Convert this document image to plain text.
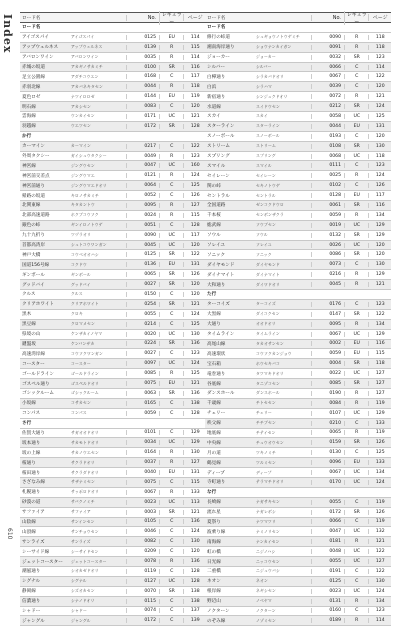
Index
610
ロード名	No.	レギュラー
ページ
ロード名
アイゴスパイ	アイゴスパイ	0125	EU	114
アップウェルネス	アップウェルネス	0139	R	115
アバロンワイン	アバロンワイン	0035	R	114
赤城の坂道	アカギノサカミチ	0100	SR	116
足立公園線	アダチコウエン	0168	C	117
赤羽北線	アカバネキタセン	0044	R	118
夏色ロゼ	ナツイロロゼ	0144	EU	119
明石線	アカシセン	0083	C	120
雲海線	ウンカイセン	0171	UC	121
羽越線	ウエツセン	0172	SR	128
か行
カーマイン	カーマイン	0217	C	122
外周タクシー	ガイシュウタクシー	0049	R	123
神宮線	ジングウセン	0047	UC	160
神宮前交差点	ジングウマエ	0121	R	124
神宮前通り	ジングウマエドオリ	0064	C	125
帰路の坂道	キロノサカミチ	0052	C	126
北関東線	キタカントウ	0095	R	127
北部高速道路	ホクブコウソク	0024	R	115
銀色の峠	ギンイロノトウゲ	0051	C	128
九十九折り	ツヅラオリ	0090	UC	117
首都高湾岸	シュトコウワンガン	0045	UC	120
神戸大橋	コウベオオハシ	0125	SR	122
国道156号線	コクドウ	0136	EU	131
ギンボール	ギンボール	0065	SR	126
グッドバイ	グッドバイ	0027	SR	120
クルス	クルス	0150	C	120
クリアホワイト	クリアホワイト	0254	SR	121
黒木	クロキ	0055	C	124
黒豆線	クロマメセン	0214	C	125
県境の山	ケンザカイノヤマ	0020	UC	130
鍵盤坂	ケンバンザカ	0224	SR	136
高速湾岸線	コウソクワンガン	0027	C	123
コースター	コースター	0097	UC	124
ゴールドライン	ゴールドライン	0085	R	125
ゴスペル通り	ゴスペルドオリ	0075	EU	121
ゴシックルーム	ゴシックルーム	0063	SR	136
小坂線	コサカセン	0165	C	138
コンパス	コンパス	0059	C	128
さ行
佐賀大通り	サガオオドオリ	0101	C	129
坂本通り	サカモトドオリ	0034	UC	129
坂の上線	サカノウエセン	0164	R	130
桜通り	サクラドオリ	0037	R	127
桜田通り	サクラダドオリ	0040	EU	131
さざなみ線	サザナミセン	0075	C	115
札幌通り	サッポロドオリ	0067	R	133
砂漠の道	サバクノミチ	0023	UC	113
サファイア	サファイア	0003	SR	121
山陰線	サンインセン	0105	C	136
山頂線	サンチョウセン	0046	C	124
サンライズ	サンライズ	0082	C	130
シーサイド線	シーサイドセン	0209	C	120
ジェットコースター	ジェットコースター	0078	R	136
潮風通り	シオカゼドオリ	0119	C	128
シグナル	シグナル	0127	UC	128
静岡線	シズオカセン	0070	SR	138
信濃通り	シナノドオリ	0115	C	138
シャドー	シャドー	0074	C	137
ジャングル	ジャングル	0172	C	139
ロード名	No.	レギュラー
ページ
ロード名
修行の峠道	シュギョウノトウゲミチ	0090	R	118
湘南海岸通り	ショウナンカイガン	0091	R	118
ジョーカー	ジョーカー	0032	SR	123
シルバー	シルバー	0066	C	114
白樺通り	シラカバドオリ	0067	C	122
白浜	シラハマ	0039	C	120
新宿通り	シンジュクドオリ	0072	R	121
水道線	スイドウセン	0212	SR	124
スカイ	スカイ	0058	UC	125
スターライン	スターライン	0044	EU	131
スノーボール	スノーボール	0193	C	120
ストリーム	ストリーム	0108	SR	130
スプリング	スプリング	0068	UC	118
スマイル	スマイル	0111	C	123
セイレーン	セイレーン	0025	R	124
関の峠	セキノトウゲ	0102	C	126
セントラル	セントラル	0128	EU	117
全国道路	ゼンコクドウロ	0061	SR	116
千本桜	センボンザクラ	0059	R	134
総武線	ソウブセン	0019	UC	129
ソウル	ソウル	0132	SR	129
ソレイユ	ソレイユ	0026	UC	120
ソニック	ソニック	0086	SR	120
ダイヤモンド	ダイヤモンド	0073	C	130
ダイナマイト	ダイナマイト	0216	R	129
大和通り	ダイワドオリ	0045	R	121
た行
ターコイズ	ターコイズ	0176	C	123
大黒線	ダイコクセン	0147	SR	122
大通り	オオドオリ	0095	R	134
タイムライン	タイムライン	0067	UC	129
高尾山線	タカオサンセン	0002	EU	116
高速環状	コウソクカンジョウ	0059	EU	115
宝石箱	ホウセキバコ	0004	SR	118
竜巻通り	タツマキドオリ	0022	UC	127
谷底線	タニゾコセン	0085	SR	127
ダンスホール	ダンスホール	0190	R	127
千歳線	チトセセン	0084	R	119
チェリー	チェリー	0107	UC	129
秩父線	チチブセン	0210	C	133
地底線	チテイセン	0065	R	119
中央線	チュウオウセン	0159	SR	126
月の道	ツキノミチ	0130	C	125
鶴見線	ツルミセン	0096	EU	133
ディープ	ディープ	0067	UC	134
寺町通り	テラマチドオリ	0170	UC	124
な行
長崎線	ナガサキセン	0055	C	119
流れ星	ナガレボシ	0172	SR	126
夏祭り	ナツマツリ	0066	C	119
波乗り線	ナミノリセン	0047	UC	132
南海線	ナンカイセン	0181	R	121
虹の橋	ニジノハシ	0048	UC	122
日光線	ニッコウセン	0055	UC	127
二重橋	ニジュウバシ	0191	C	122
ネオン	ネオン	0125	C	130
根岸線	ネギシセン	0023	UC	124
野辺山	ノベヤマ	0131	R	134
ノクターン	ノクターン	0160	C	123
のぞみ線	ノゾミセン	0189	R	114
